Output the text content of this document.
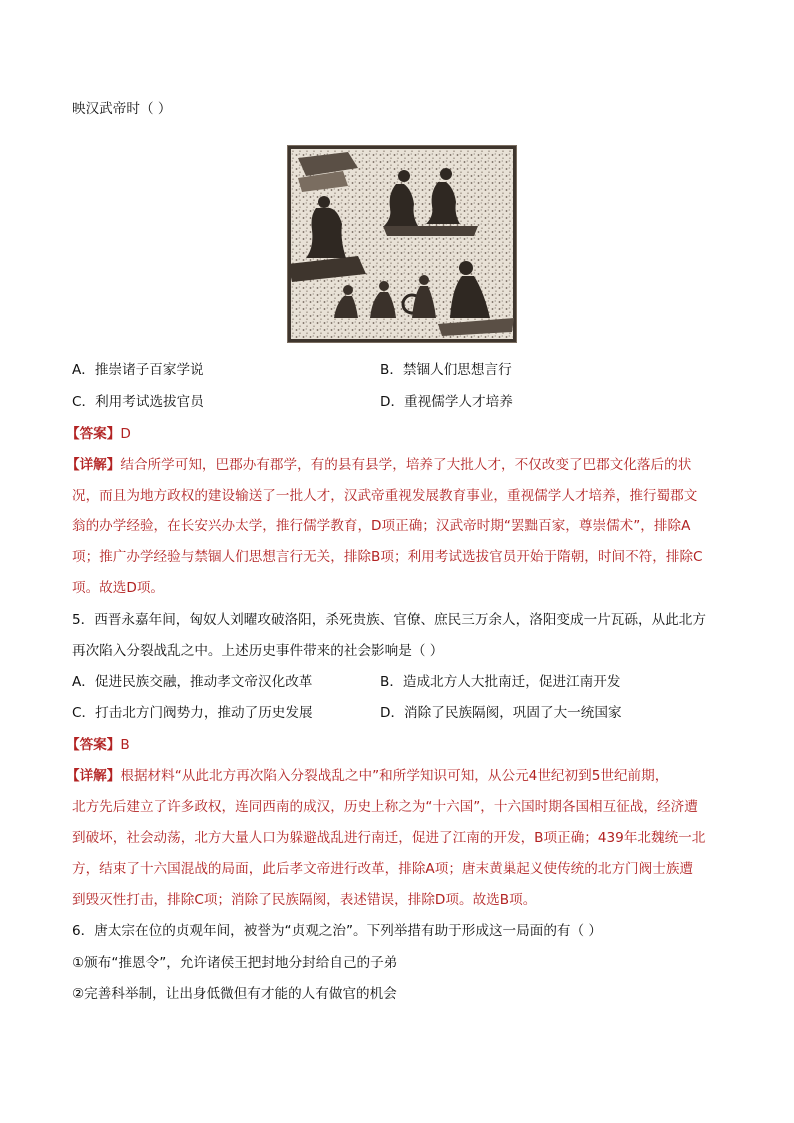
映汉武帝时（ ）
A．推崇诸子百家学说	B．禁锢人们思想言行
C．利用考试选拔官员	D．重视儒学人才培养
【答案】D
【详解】结合所学可知，巴郡办有郡学，有的县有县学，培养了大批人才，不仅改变了巴郡文化落后的状
况，而且为地方政权的建设输送了一批人才，汉武帝重视发展教育事业，重视儒学人才培养，推行蜀郡文
翁的办学经验，在长安兴办太学，推行儒学教育，D项正确；汉武帝时期“罢黜百家，尊崇儒术”，排除A
项；推广办学经验与禁锢人们思想言行无关，排除B项；利用考试选拔官员开始于隋朝，时间不符，排除C
项。故选D项。
5．西晋永嘉年间，匈奴人刘曜攻破洛阳，杀死贵族、官僚、庶民三万余人，洛阳变成一片瓦砾，从此北方
再次陷入分裂战乱之中。上述历史事件带来的社会影响是（ ）
A．促进民族交融，推动孝文帝汉化改革	B．造成北方人大批南迁，促进江南开发
C．打击北方门阀势力，推动了历史发展	D．消除了民族隔阂，巩固了大一统国家
【答案】B
【详解】根据材料“从此北方再次陷入分裂战乱之中”和所学知识可知，从公元4世纪初到5世纪前期，
北方先后建立了许多政权，连同西南的成汉，历史上称之为“十六国”，十六国时期各国相互征战，经济遭
到破坏，社会动荡，北方大量人口为躲避战乱进行南迁，促进了江南的开发，B项正确；439年北魏统一北
方，结束了十六国混战的局面，此后孝文帝进行改革，排除A项；唐末黄巢起义使传统的北方门阀士族遭
到毁灭性打击，排除C项；消除了民族隔阂，表述错误，排除D项。故选B项。
6．唐太宗在位的贞观年间，被誉为“贞观之治”。下列举措有助于形成这一局面的有（ ）
①颁布“推恩令”，允许诸侯王把封地分封给自己的子弟
②完善科举制，让出身低微但有才能的人有做官的机会
